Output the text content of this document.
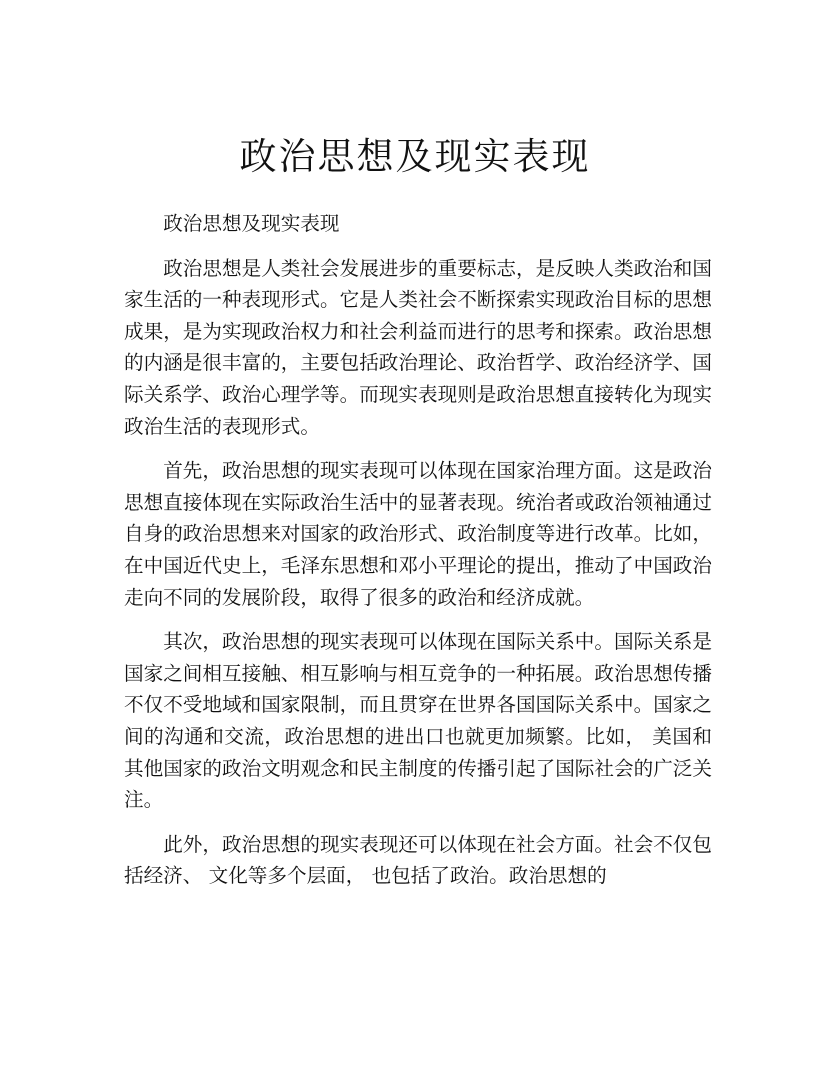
政治思想及现实表现

政治思想及现实表现

政治思想是人类社会发展进步的重要标志，是反映人类政治和国家生活的一种表现形式。它是人类社会不断探索实现政治目标的思想成果，是为实现政治权力和社会利益而进行的思考和探索。政治思想的内涵是很丰富的，主要包括政治理论、政治哲学、政治经济学、国际关系学、政治心理学等。而现实表现则是政治思想直接转化为现实政治生活的表现形式。

首先，政治思想的现实表现可以体现在国家治理方面。这是政治思想直接体现在实际政治生活中的显著表现。统治者或政治领袖通过自身的政治思想来对国家的政治形式、政治制度等进行改革。比如，在中国近代史上，毛泽东思想和邓小平理论的提出，推动了中国政治走向不同的发展阶段，取得了很多的政治和经济成就。

其次，政治思想的现实表现可以体现在国际关系中。国际关系是国家之间相互接触、相互影响与相互竞争的一种拓展。政治思想传播不仅不受地域和国家限制，而且贯穿在世界各国国际关系中。国家之间的沟通和交流，政治思想的进出口也就更加频繁。比如， 美国和其他国家的政治文明观念和民主制度的传播引起了国际社会的广泛关注。

此外，政治思想的现实表现还可以体现在社会方面。社会不仅包括经济、 文化等多个层面， 也包括了政治。政治思想的
